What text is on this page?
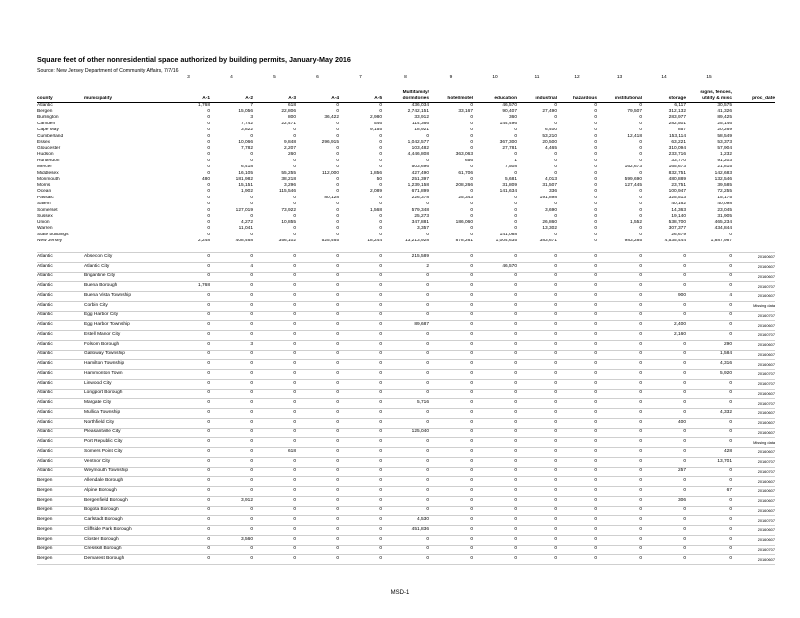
Square feet of other nonresidential space authorized by building permits, January-May 2016
Source: New Jersey Department of Community Affairs, 7/7/16
		3	4	5	6	7	8	9	10	11	12	13	14	15
							Multifamily/							signs, fences,	
county	municipality	A-1	A-2	A-3	A-4	A-5	dormitories	hotel/motel	education	industrial	hazardous	institutional	storage	utility & misc	proc_date
Atlantic		1,768	7	618	0	0	436,034	0	46,570	0	0	0	6,117	30,575	
Bergen		0	15,056	22,806	0	0	2,742,151	33,167	90,407	27,490	0	79,507	312,132	41,326	
Burlington		0	3	800	36,422	2,980	33,912	0	360	0	0	0	283,977	89,425	
Camden		0	7,742	22,471	0	546	114,366	0	144,496	0	0	0	282,501	25,146	
Cape May		0	3,822	0	0	9,155	18,921	0	0	6,400	0	0	857	20,269	
Cumberland		0	0	0	0	0	0	0	0	53,210	0	12,418	153,114	58,549	
Essex		0	10,066	9,848	296,915	0	1,042,577	0	367,300	20,500	0	0	63,221	53,373	
Gloucester		0	7,782	2,207	0	0	103,482	0	27,781	4,465	0	0	310,094	57,904	
Hudson		0	0	260	0	0	4,446,808	363,063	0	0	0	0	233,716	1,232	
Hunterdon		0	0	0	0	0	0	656	1	0	0	0	33,770	91,203	
Mercer		0	6,418	0	0	0	503,696	0	7,508	0	0	162,673	165,673	21,815	
Middlesex		0	16,105	55,255	112,000	1,856	427,490	61,706	0	0	0	0	832,751	142,683	
Monmouth		480	181,982	38,218	0	50	251,397	0	5,681	4,013	0	599,690	480,889	132,546	
Morris		0	15,151	3,296	0	0	1,239,158	208,266	31,809	31,507	0	127,445	23,751	39,585	
Ocean		0	1,902	115,546	0	2,089	671,899	0	141,634	336	0	0	100,947	72,255	
Passaic		0	0	0	80,128	0	226,378	25,343	0	191,898	0	0	325,513	15,175	
Salem		0	0	0	0	0	0	0	0	0	0	0	40,162	40,098	
Somerset		0	127,019	73,922	0	1,568	579,348	0	0	3,690	0	0	14,363	23,045	
Sussex		0	0	0	0	0	25,273	0	0	0	0	0	19,140	31,905	
Union		0	4,272	10,855	0	0	347,881	186,060	0	26,860	0	1,552	538,700	465,234	
Warren		0	11,041	0	0	0	3,357	0	0	13,302	0	0	307,377	434,844	
State buildings		0	0	0	0	0	0	0	141,088	0	0	0	26,679	0	
New Jersey		2,248	408,468	356,102	525,465	18,244	13,213,928	878,261	1,004,635	383,671	0	983,285	4,535,444	1,887,987	
Atlantic	Absecon City	0	0	0	0	0	215,589	0	0	0	0	0	0	0	20160607
Atlantic	Atlantic City	0	4	0	0	0	2	0	46,570	0	0	0	0	0	20160607
Atlantic	Brigantine City	0	0	0	0	0	0	0	0	0	0	0	0	0	20160607
Atlantic	Buena Borough	1,768	0	0	0	0	0	0	0	0	0	0	0	0	20160707
Atlantic	Buena Vista Township	0	0	0	0	0	0	0	0	0	0	0	900	4	20160607
Atlantic	Corbin City	0	0	0	0	0	0	0	0	0	0	0	0	0	Missing data
Atlantic	Egg Harbor City	0	0	0	0	0	0	0	0	0	0	0	0	0	20160707
Atlantic	Egg Harbor Township	0	0	0	0	0	89,687	0	0	0	0	0	2,400	0	20160607
Atlantic	Estell Manor City	0	0	0	0	0	0	0	0	0	0	0	2,160	0	20160707
Atlantic	Folsom Borough	0	3	0	0	0	0	0	0	0	0	0	0	290	20160607
Atlantic	Galloway Township	0	0	0	0	0	0	0	0	0	0	0	0	1,584	20160607
Atlantic	Hamilton Township	0	0	0	0	0	0	0	0	0	0	0	0	4,316	20160607
Atlantic	Hammonton Town	0	0	0	0	0	0	0	0	0	0	0	0	5,920	20160707
Atlantic	Linwood City	0	0	0	0	0	0	0	0	0	0	0	0	0	20160707
Atlantic	Longport Borough	0	0	0	0	0	0	0	0	0	0	0	0	0	20160607
Atlantic	Margate City	0	0	0	0	0	5,716	0	0	0	0	0	0	0	20160707
Atlantic	Mullica Township	0	0	0	0	0	0	0	0	0	0	0	0	4,332	20160607
Atlantic	Northfield City	0	0	0	0	0	0	0	0	0	0	0	400	0	20160607
Atlantic	Pleasantville City	0	0	0	0	0	125,040	0	0	0	0	0	0	0	20160607
Atlantic	Port Republic City	0	0	0	0	0	0	0	0	0	0	0	0	0	Missing data
Atlantic	Somers Point City	0	0	618	0	0	0	0	0	0	0	0	0	428	20160607
Atlantic	Ventnor City	0	0	0	0	0	0	0	0	0	0	0	0	13,701	20160707
Atlantic	Weymouth Township	0	0	0	0	0	0	0	0	0	0	0	257	0	20160707
Bergen	Allendale Borough	0	0	0	0	0	0	0	0	0	0	0	0	0	20160607
Bergen	Alpine Borough	0	0	0	0	0	0	0	0	0	0	0	0	67	20160607
Bergen	Bergenfield Borough	0	3,912	0	0	0	0	0	0	0	0	0	306	0	20160607
Bergen	Bogota Borough	0	0	0	0	0	0	0	0	0	0	0	0	0	20160607
Bergen	Carlstadt Borough	0	0	0	0	0	4,530	0	0	0	0	0	0	0	20160707
Bergen	Cliffside Park Borough	0	0	0	0	0	451,836	0	0	0	0	0	0	0	20160607
Bergen	Closter Borough	0	3,560	0	0	0	0	0	0	0	0	0	0	0	20160607
Bergen	Cresskill Borough	0	0	0	0	0	0	0	0	0	0	0	0	0	20160707
Bergen	Demarest Borough	0	0	0	0	0	0	0	0	0	0	0	0	0	20160607
MSD-1
